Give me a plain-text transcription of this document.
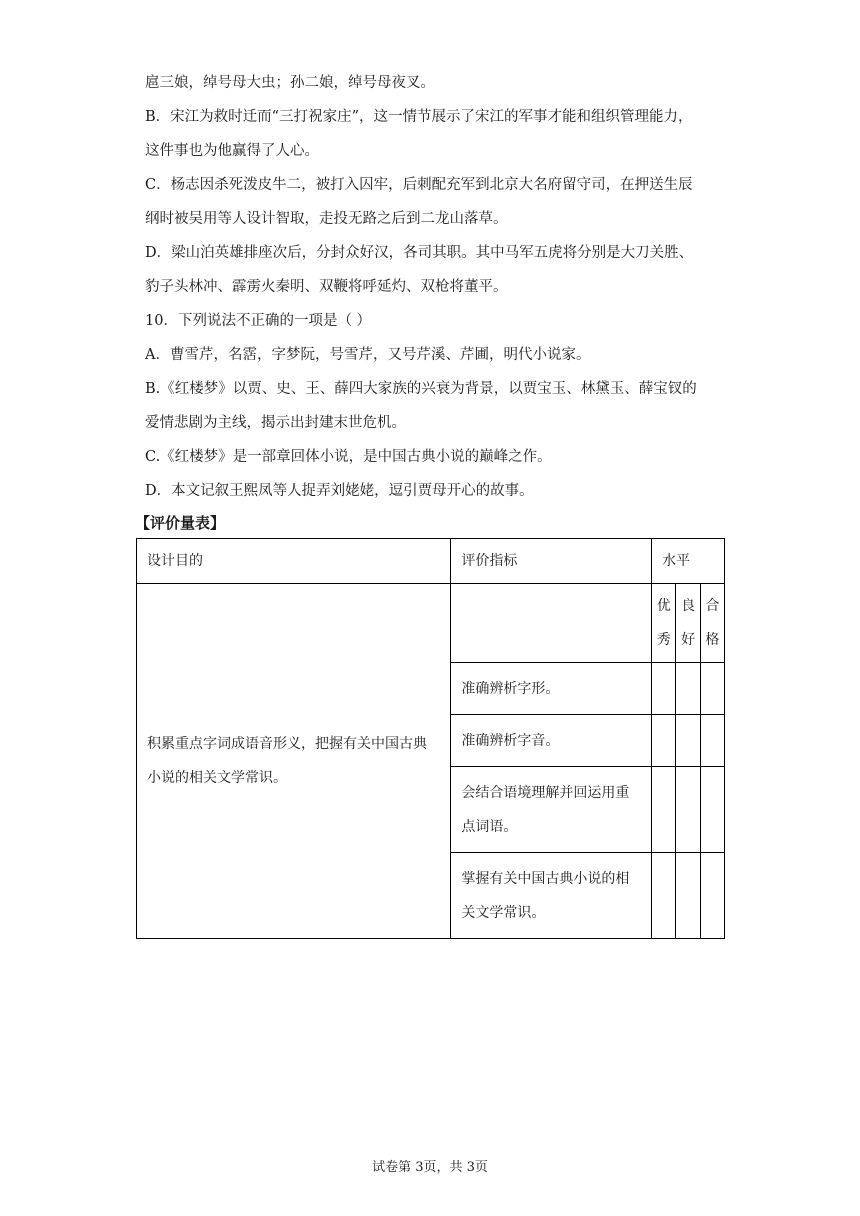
扈三娘，绰号母大虫；孙二娘，绰号母夜叉。

B．宋江为救时迁而“三打祝家庄”，这一情节展示了宋江的军事才能和组织管理能力，

这件事也为他赢得了人心。

C．杨志因杀死泼皮牛二，被打入囚牢，后刺配充军到北京大名府留守司，在押送生辰

纲时被吴用等人设计智取，走投无路之后到二龙山落草。

D．梁山泊英雄排座次后，分封众好汉，各司其职。其中马军五虎将分别是大刀关胜、

豹子头林冲、霹雳火秦明、双鞭将呼延灼、双枪将董平。

10．下列说法不正确的一项是（ ）

A．曹雪芹，名霑，字梦阮，号雪芹，又号芹溪、芹圃，明代小说家。

B.《红楼梦》以贾、史、王、薛四大家族的兴衰为背景，以贾宝玉、林黛玉、薛宝钗的

爱情悲剧为主线，揭示出封建末世危机。

C.《红楼梦》是一部章回体小说，是中国古典小说的巅峰之作。

D．本文记叙王熙凤等人捉弄刘姥姥，逗引贾母开心的故事。

【评价量表】

设计目的	评价指标	水平		
积累重点字词成语音形义，把握有关中国古典小说的相关文学常识。		优秀	良好	合格
	准确辨析字形。			
	准确辨析字音。			
	会结合语境理解并回运用重点词语。			
	掌握有关中国古典小说的相关文学常识。			
试卷第 3页，共 3页
